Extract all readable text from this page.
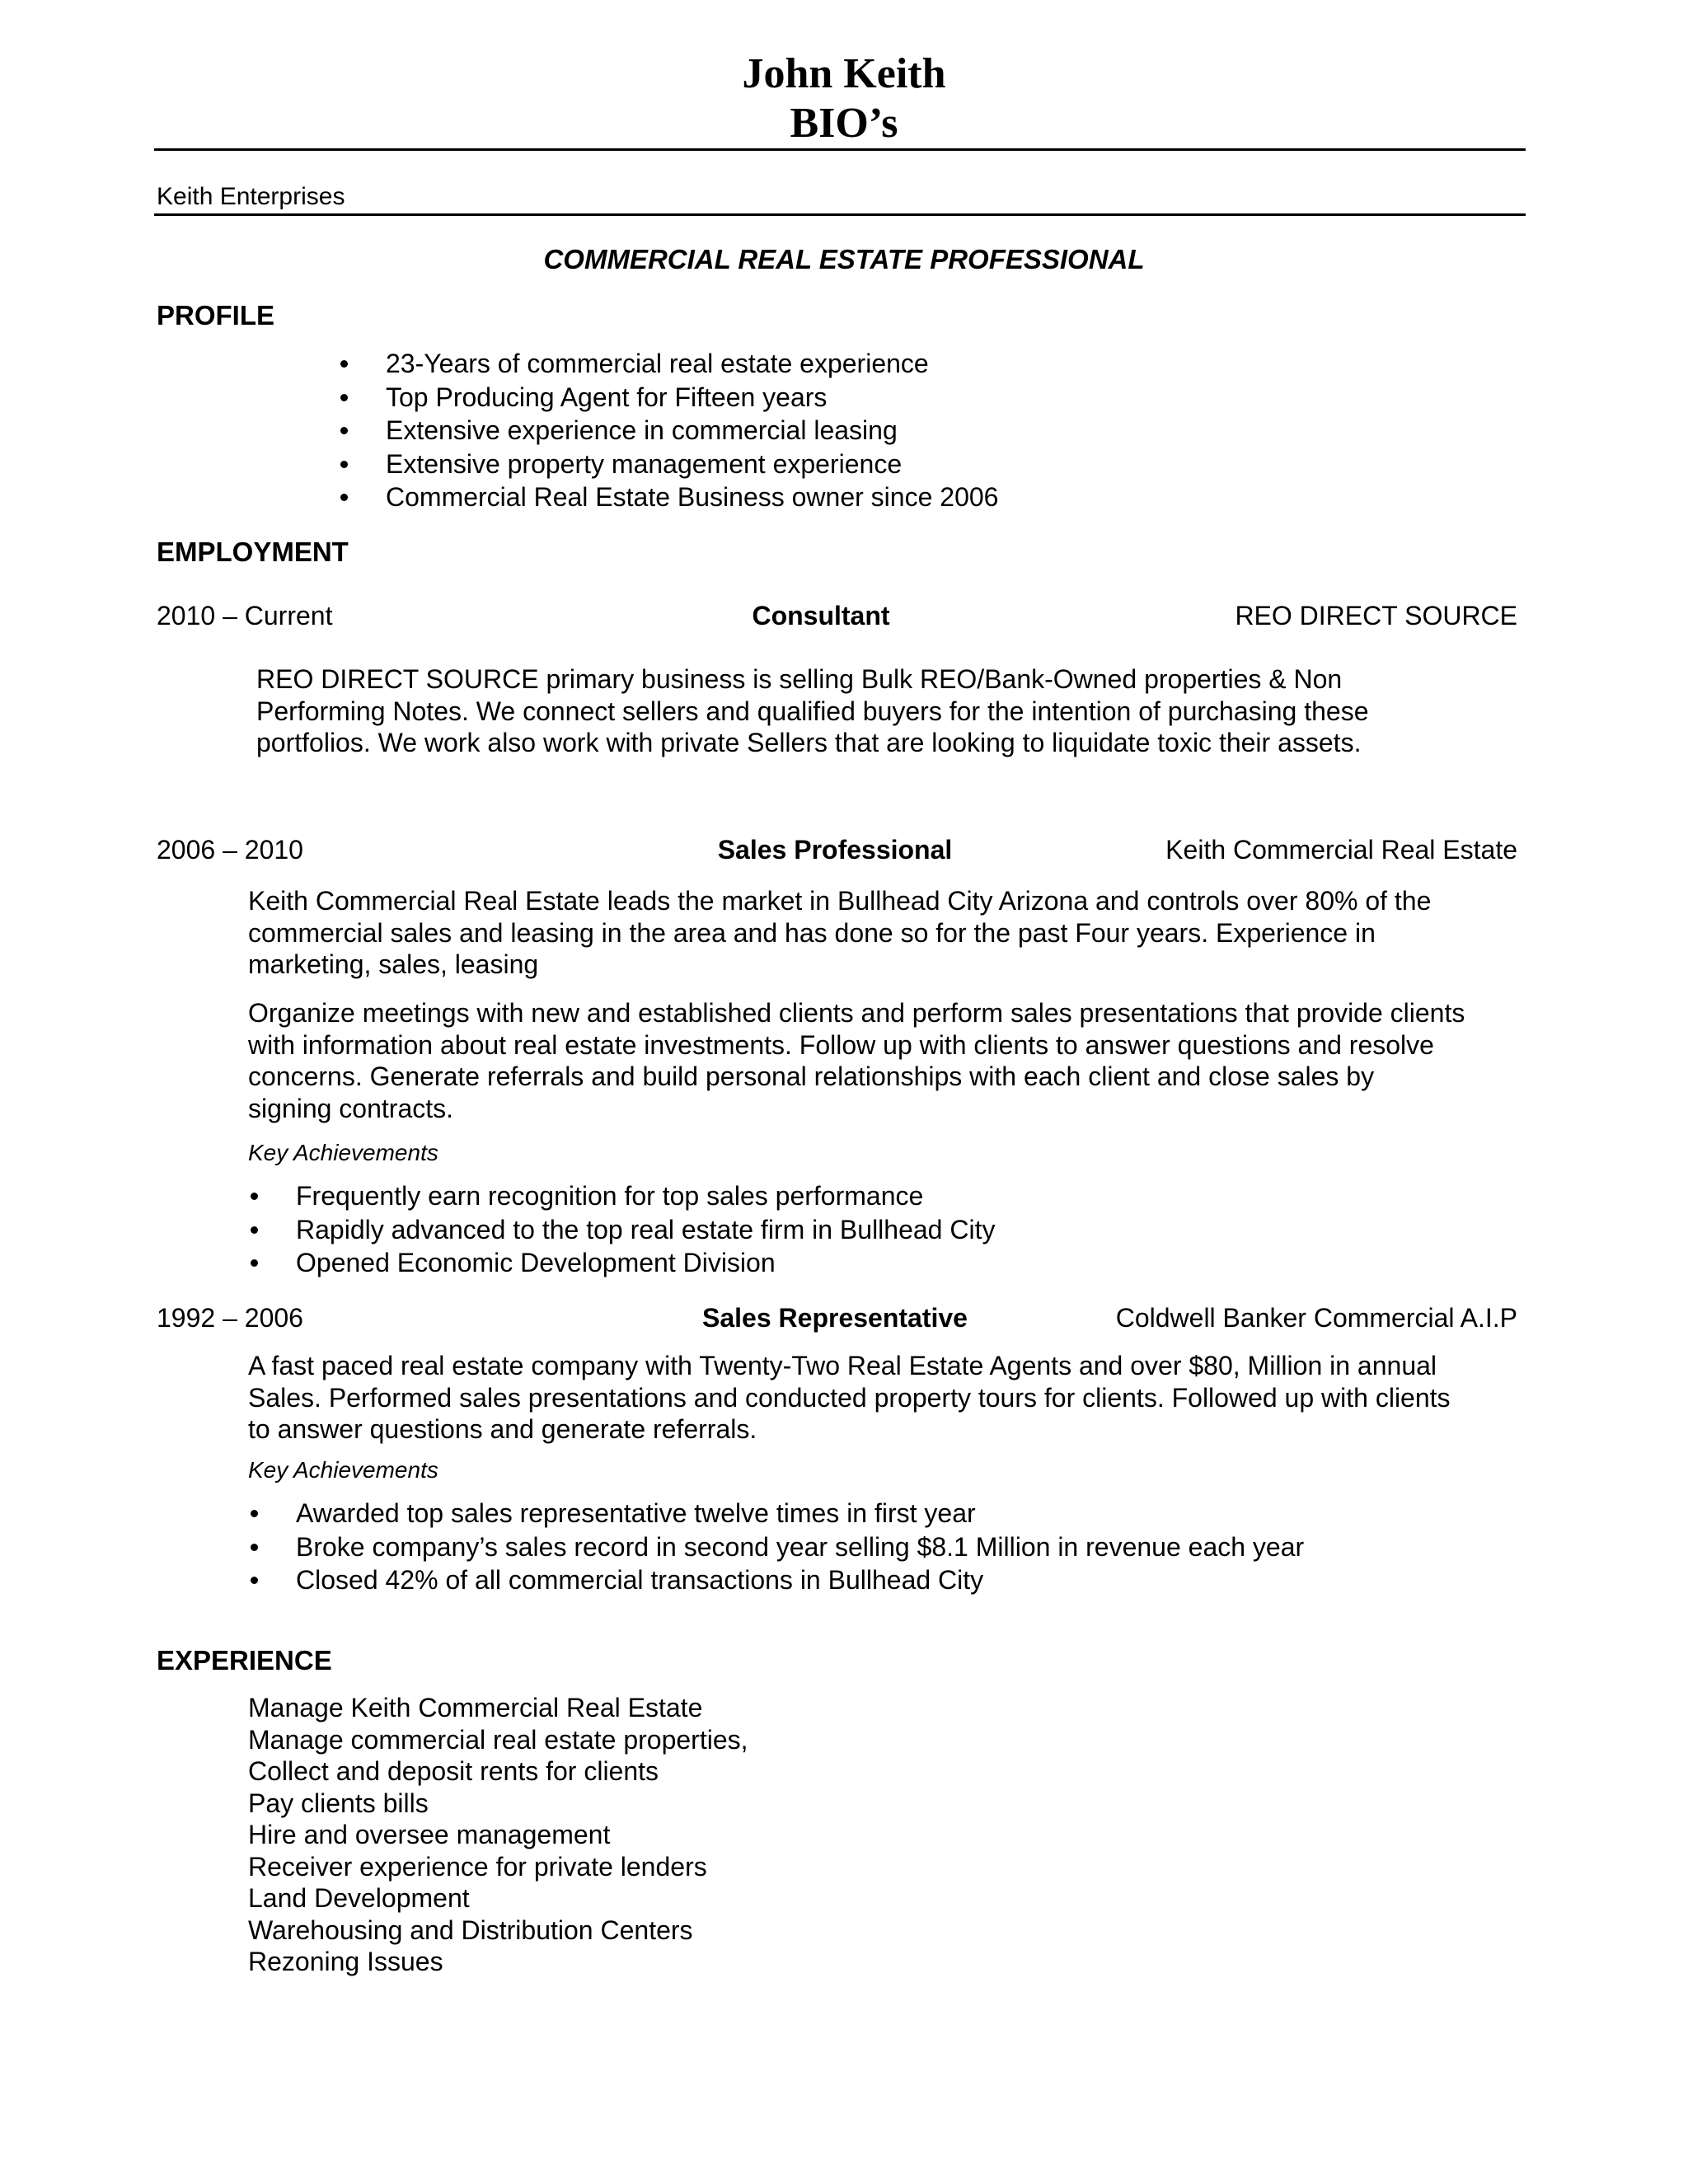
John Keith
BIO’s
Keith Enterprises
COMMERCIAL REAL ESTATE PROFESSIONAL
PROFILE
23-Years of commercial real estate experience
Top Producing Agent for Fifteen years
Extensive experience in commercial leasing
Extensive property management experience
Commercial Real Estate Business owner since 2006
EMPLOYMENT
2010 – Current	Consultant	REO DIRECT SOURCE
REO DIRECT SOURCE primary business is selling Bulk REO/Bank-Owned properties & Non
Performing Notes. We connect sellers and qualified buyers for the intention of purchasing these
portfolios. We work also work with private Sellers that are looking to liquidate toxic their assets.
2006 – 2010	Sales Professional	Keith Commercial Real Estate
Keith Commercial Real Estate leads the market in Bullhead City Arizona and controls over 80% of the
commercial sales and leasing in the area and has done so for the past Four years. Experience in
marketing, sales, leasing
Organize meetings with new and established clients and perform sales presentations that provide clients
with information about real estate investments. Follow up with clients to answer questions and resolve
concerns. Generate referrals and build personal relationships with each client and close sales by
signing contracts.
Key Achievements
Frequently earn recognition for top sales performance
Rapidly advanced to the top real estate firm in Bullhead City
Opened Economic Development Division
1992 – 2006	Sales Representative	Coldwell Banker Commercial A.I.P
A fast paced real estate company with Twenty-Two Real Estate Agents and over $80, Million in annual
Sales. Performed sales presentations and conducted property tours for clients. Followed up with clients
to answer questions and generate referrals.
Key Achievements
Awarded top sales representative twelve times in first year
Broke company’s sales record in second year selling $8.1 Million in revenue each year
Closed 42% of all commercial transactions in Bullhead City
EXPERIENCE
Manage Keith Commercial Real Estate
Manage commercial real estate properties,
Collect and deposit rents for clients
Pay clients bills
Hire and oversee management
Receiver experience for private lenders
Land Development
Warehousing and Distribution Centers
Rezoning Issues
